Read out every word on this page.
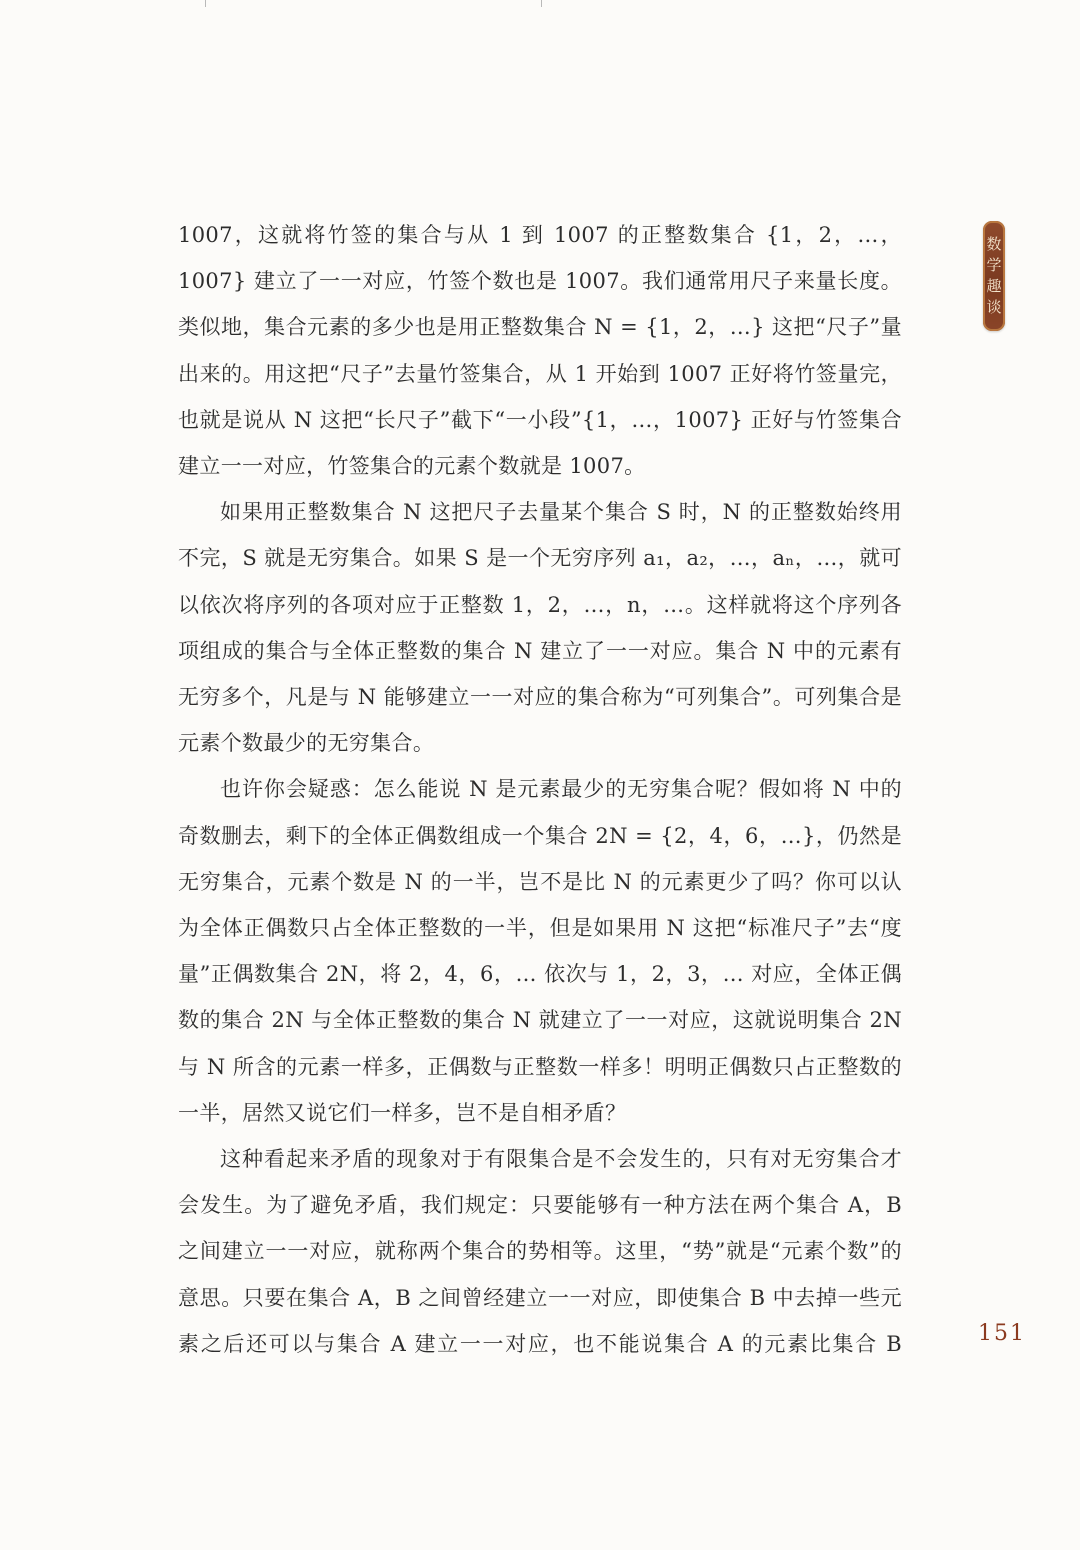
1007，这就将竹签的集合与从 1 到 1007 的正整数集合 {1，2，…，1007} 建立了一一对应，竹签个数也是 1007。我们通常用尺子来量长度。类似地，集合元素的多少也是用正整数集合 N = {1，2，…} 这把“尺子”量出来的。用这把“尺子”去量竹签集合，从 1 开始到 1007 正好将竹签量完，也就是说从 N 这把“长尺子”截下“一小段”{1，…，1007} 正好与竹签集合建立一一对应，竹签集合的元素个数就是 1007。

如果用正整数集合 N 这把尺子去量某个集合 S 时，N 的正整数始终用不完，S 就是无穷集合。如果 S 是一个无穷序列 a₁，a₂，…，aₙ，…，就可以依次将序列的各项对应于正整数 1，2，…，n，…。这样就将这个序列各项组成的集合与全体正整数的集合 N 建立了一一对应。集合 N 中的元素有无穷多个，凡是与 N 能够建立一一对应的集合称为“可列集合”。可列集合是元素个数最少的无穷集合。

也许你会疑惑：怎么能说 N 是元素最少的无穷集合呢？假如将 N 中的奇数删去，剩下的全体正偶数组成一个集合 2N = {2，4，6，…}，仍然是无穷集合，元素个数是 N 的一半，岂不是比 N 的元素更少了吗？你可以认为全体正偶数只占全体正整数的一半，但是如果用 N 这把“标准尺子”去“度量”正偶数集合 2N，将 2，4，6，… 依次与 1，2，3，… 对应，全体正偶数的集合 2N 与全体正整数的集合 N 就建立了一一对应，这就说明集合 2N 与 N 所含的元素一样多，正偶数与正整数一样多！明明正偶数只占正整数的一半，居然又说它们一样多，岂不是自相矛盾？

这种看起来矛盾的现象对于有限集合是不会发生的，只有对无穷集合才会发生。为了避免矛盾，我们规定：只要能够有一种方法在两个集合 A，B 之间建立一一对应，就称两个集合的势相等。这里，“势”就是“元素个数”的意思。只要在集合 A，B 之间曾经建立一一对应，即使集合 B 中去掉一些元素之后还可以与集合 A 建立一一对应，也不能说集合 A 的元素比集合 B

数
学
趣
谈
151
